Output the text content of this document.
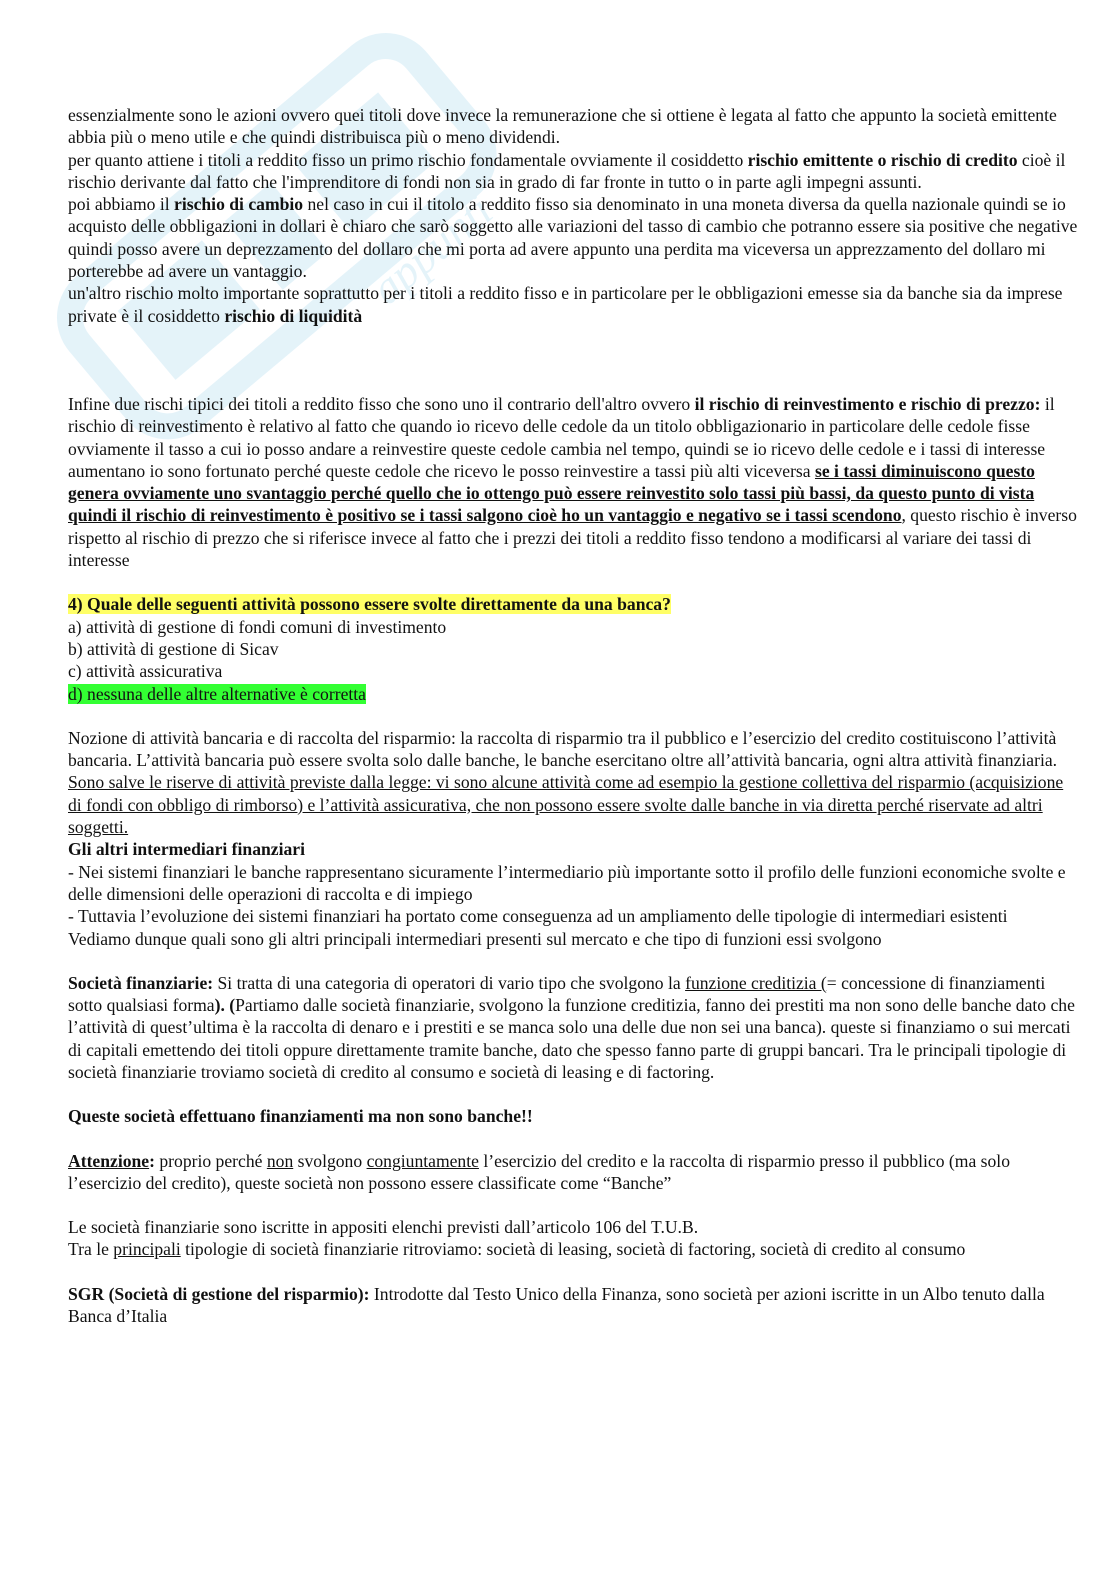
appunti

essenzialmente sono le azioni ovvero quei titoli dove invece la remunerazione che si ottiene è legata al fatto che appunto la società emittente abbia più o meno utile e che quindi distribuisca più o meno dividendi.

per quanto attiene i titoli a reddito fisso un primo rischio fondamentale ovviamente il cosiddetto rischio emittente o rischio di credito cioè il rischio derivante dal fatto che l'imprenditore di fondi non sia in grado di far fronte in tutto o in parte agli impegni assunti.

poi abbiamo il rischio di cambio nel caso in cui il titolo a reddito fisso sia denominato in una moneta diversa da quella nazionale quindi se io acquisto delle obbligazioni in dollari è chiaro che sarò soggetto alle variazioni del tasso di cambio che potranno essere sia positive che negative quindi posso avere un deprezzamento del dollaro che mi porta ad avere appunto una perdita ma viceversa un apprezzamento del dollaro mi porterebbe ad avere un vantaggio.

un'altro rischio molto importante soprattutto per i titoli a reddito fisso e in particolare per le obbligazioni emesse sia da banche sia da imprese private è il cosiddetto rischio di liquidità

Infine due rischi tipici dei titoli a reddito fisso che sono uno il contrario dell'altro ovvero il rischio di reinvestimento e rischio di prezzo: il rischio di reinvestimento è relativo al fatto che quando io ricevo delle cedole da un titolo obbligazionario in particolare delle cedole fisse ovviamente il tasso a cui io posso andare a reinvestire queste cedole cambia nel tempo, quindi se io ricevo delle cedole e i tassi di interesse aumentano io sono fortunato perché queste cedole che ricevo le posso reinvestire a tassi più alti viceversa se i tassi diminuiscono questo genera ovviamente uno svantaggio perché quello che io ottengo può essere reinvestito solo tassi più bassi, da questo punto di vista quindi il rischio di reinvestimento è positivo se i tassi salgono cioè ho un vantaggio e negativo se i tassi scendono, questo rischio è inverso rispetto al rischio di prezzo che si riferisce invece al fatto che i prezzi dei titoli a reddito fisso tendono a modificarsi al variare dei tassi di interesse

4) Quale delle seguenti attività possono essere svolte direttamente da una banca?

a) attività di gestione di fondi comuni di investimento

b) attività di gestione di Sicav

c) attività assicurativa

d) nessuna delle altre alternative è corretta

Nozione di attività bancaria e di raccolta del risparmio: la raccolta di risparmio tra il pubblico e l’esercizio del credito costituiscono l’attività bancaria. L’attività bancaria può essere svolta solo dalle banche, le banche esercitano oltre all’attività bancaria, ogni altra attività finanziaria.

Sono salve le riserve di attività previste dalla legge: vi sono alcune attività come ad esempio la gestione collettiva del risparmio (acquisizione di fondi con obbligo di rimborso) e l’attività assicurativa, che non possono essere svolte dalle banche in via diretta perché riservate ad altri soggetti.

Gli altri intermediari finanziari

- Nei sistemi finanziari le banche rappresentano sicuramente l’intermediario più importante sotto il profilo delle funzioni economiche svolte e delle dimensioni delle operazioni di raccolta e di impiego

- Tuttavia l’evoluzione dei sistemi finanziari ha portato come conseguenza ad un ampliamento delle tipologie di intermediari esistenti

Vediamo dunque quali sono gli altri principali intermediari presenti sul mercato e che tipo di funzioni essi svolgono

Società finanziarie: Si tratta di una categoria di operatori di vario tipo che svolgono la funzione creditizia (= concessione di finanziamenti sotto qualsiasi forma). (Partiamo dalle società finanziarie, svolgono la funzione creditizia, fanno dei prestiti ma non sono delle banche dato che l’attività di quest’ultima è la raccolta di denaro e i prestiti e se manca solo una delle due non sei una banca). queste si finanziamo o sui mercati di capitali emettendo dei titoli oppure direttamente tramite banche, dato che spesso fanno parte di gruppi bancari. Tra le principali tipologie di società finanziarie troviamo società di credito al consumo e società di leasing e di factoring.

Queste società effettuano finanziamenti ma non sono banche!!

Attenzione: proprio perché non svolgono congiuntamente l’esercizio del credito e la raccolta di risparmio presso il pubblico (ma solo l’esercizio del credito), queste società non possono essere classificate come “Banche”

Le società finanziarie sono iscritte in appositi elenchi previsti dall’articolo 106 del T.U.B.

Tra le principali tipologie di società finanziarie ritroviamo: società di leasing, società di factoring, società di credito al consumo

SGR (Società di gestione del risparmio): Introdotte dal Testo Unico della Finanza, sono società per azioni iscritte in un Albo tenuto dalla Banca d’Italia
